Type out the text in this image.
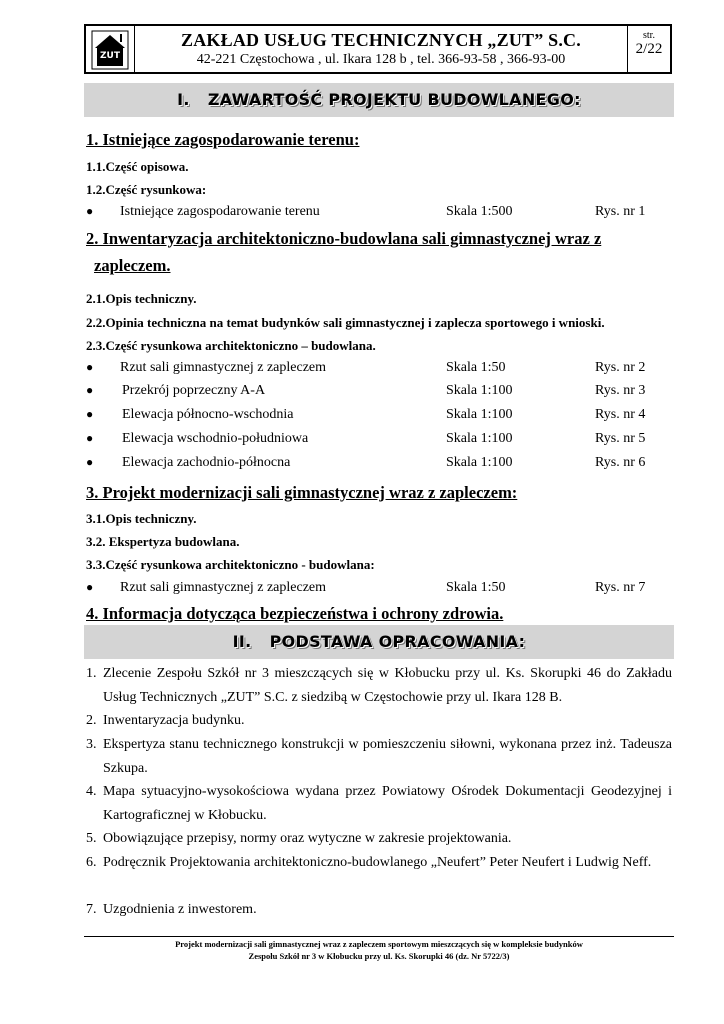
ZUT
ZAKŁAD USŁUG TECHNICZNYCH „ZUT” S.C.
42-221 Częstochowa , ul. Ikara 128 b , tel. 366-93-58 , 366-93-00
str.
2/22
I. ZAWARTOŚĆ PROJEKTU BUDOWLANEGO:
1. Istniejące zagospodarowanie terenu:
1.1.Część opisowa.
1.2.Część rysunkowa:
● Istniejące zagospodarowanie terenu	Skala 1:500	Rys. nr 1
2. Inwentaryzacja architektoniczno-budowlana sali gimnastycznej wraz z
zapleczem.
2.1.Opis techniczny.
2.2.Opinia techniczna na temat budynków sali gimnastycznej i zaplecza sportowego i wnioski.
2.3.Część rysunkowa architektoniczno – budowlana.
● Rzut sali gimnastycznej z zapleczem	Skala 1:50	Rys. nr 2
● Przekrój poprzeczny A-A	Skala 1:100	Rys. nr 3
● Elewacja północno-wschodnia	Skala 1:100	Rys. nr 4
● Elewacja wschodnio-południowa	Skala 1:100	Rys. nr 5
● Elewacja zachodnio-północna	Skala 1:100	Rys. nr 6
3. Projekt modernizacji sali gimnastycznej wraz z zapleczem:
3.1.Opis techniczny.
3.2. Ekspertyza budowlana.
3.3.Część rysunkowa architektoniczno - budowlana:
● Rzut sali gimnastycznej z zapleczem	Skala 1:50	Rys. nr 7
4. Informacja dotycząca bezpieczeństwa i ochrony zdrowia.
II. PODSTAWA OPRACOWANIA:
1. Zlecenie Zespołu Szkół nr 3 mieszczących się w Kłobucku przy ul. Ks. Skorupki 46 do Zakładu Usług Technicznych „ZUT” S.C. z siedzibą w Częstochowie przy ul. Ikara 128 B.
2. Inwentaryzacja budynku.
3. Ekspertyza stanu technicznego konstrukcji w pomieszczeniu siłowni, wykonana przez inż. Tadeusza Szkupa.
4. Mapa sytuacyjno-wysokościowa wydana przez Powiatowy Ośrodek Dokumentacji Geodezyjnej i Kartograficznej w Kłobucku.
5. Obowiązujące przepisy, normy oraz wytyczne w zakresie projektowania.
6. Podręcznik Projektowania architektoniczno-budowlanego „Neufert” Peter Neufert i Ludwig Neff.
7. Uzgodnienia z inwestorem.
Projekt modernizacji sali gimnastycznej wraz z zapleczem sportowym mieszczących się w kompleksie budynków
Zespołu Szkół nr 3 w Kłobucku przy ul. Ks. Skorupki 46 (dz. Nr 5722/3)
